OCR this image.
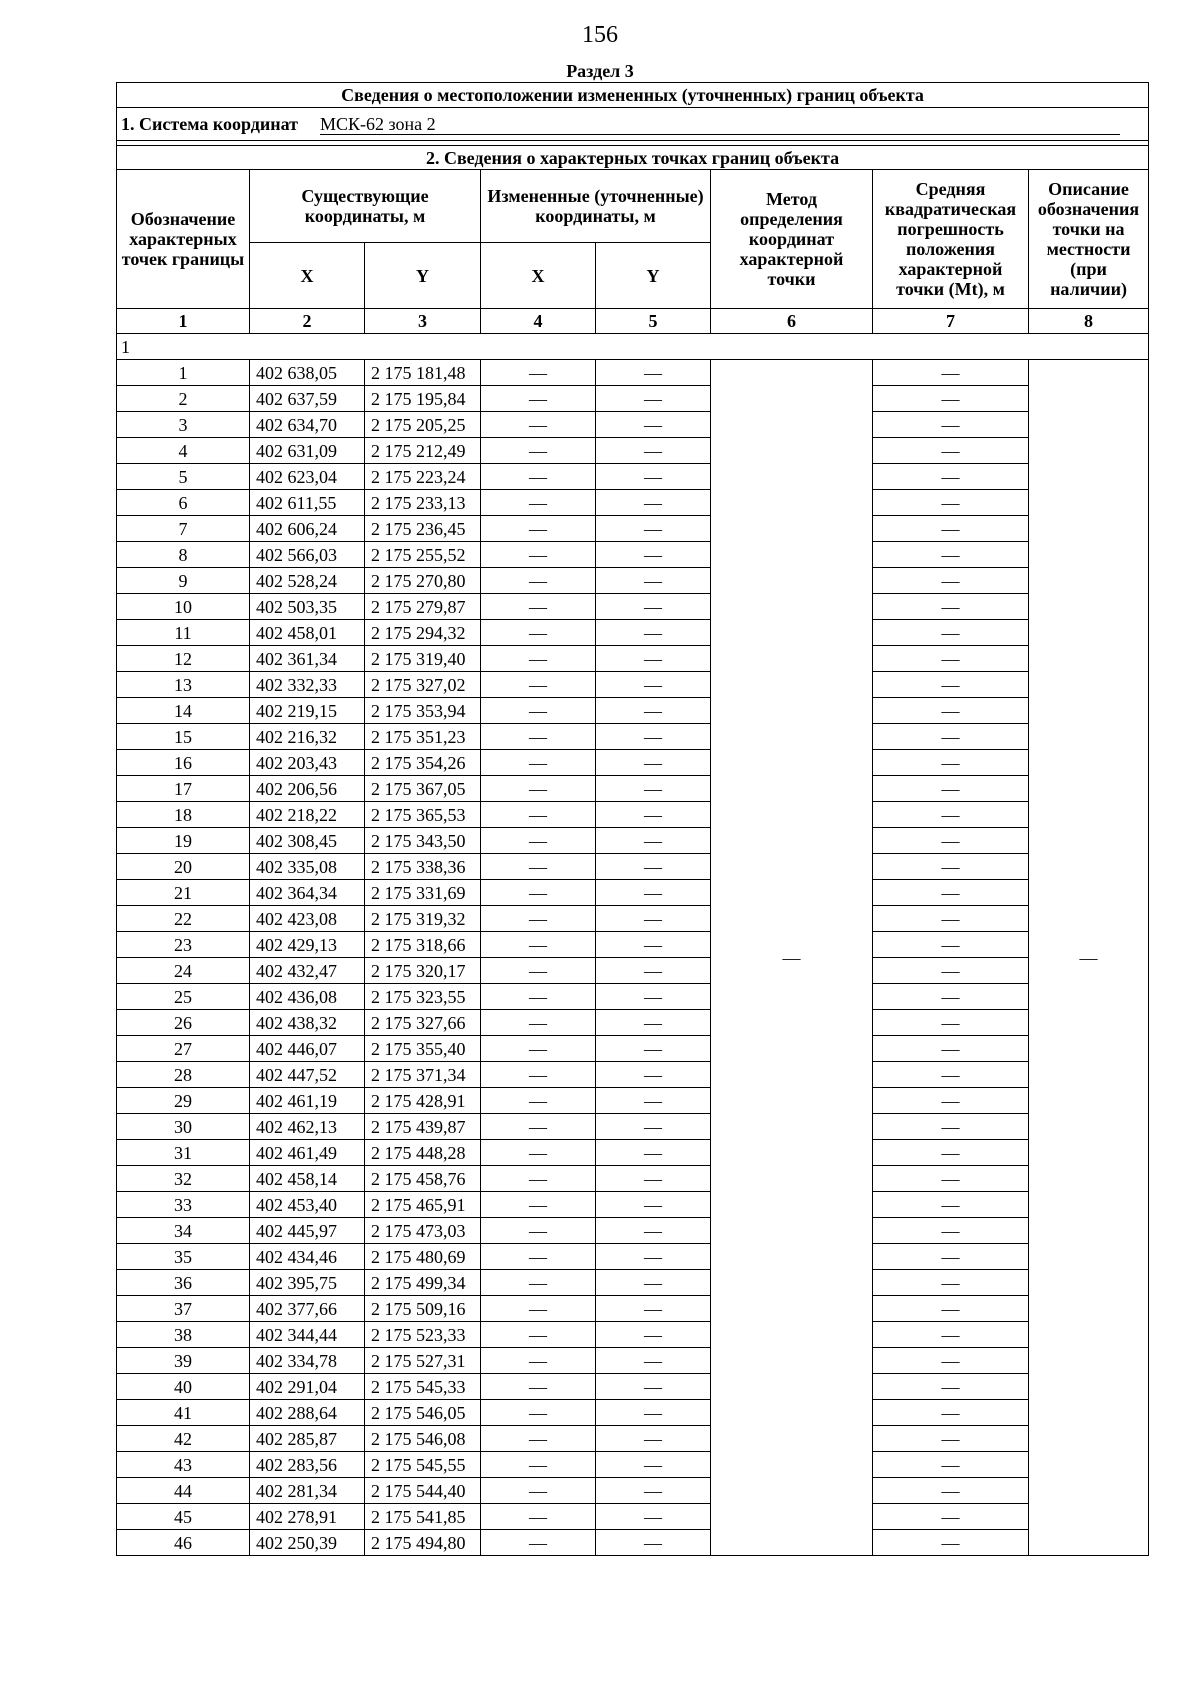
156
Раздел 3
Сведения о местоположении измененных (уточненных) границ объекта							
1. Система координат МСК-62 зона 2							

2. Сведения о характерных точках границ объекта							
Обозначение характерных точек границы	Существующие координаты, м		Измененные (уточненные) координаты, м		Метод определения координат характерной точки	Средняя квадратическая погрешность положения характерной точки (Mt), м	Описание обозначения точки на местности (при наличии)
	X	Y	X	Y			
1	2	3	4	5	6	7	8
1							
1	402 638,05	2 175 181,48	—	—	—	—	—
2	402 637,59	2 175 195,84	—	—		—	
3	402 634,70	2 175 205,25	—	—		—	
4	402 631,09	2 175 212,49	—	—		—	
5	402 623,04	2 175 223,24	—	—		—	
6	402 611,55	2 175 233,13	—	—		—	
7	402 606,24	2 175 236,45	—	—		—	
8	402 566,03	2 175 255,52	—	—		—	
9	402 528,24	2 175 270,80	—	—		—	
10	402 503,35	2 175 279,87	—	—		—	
11	402 458,01	2 175 294,32	—	—		—	
12	402 361,34	2 175 319,40	—	—		—	
13	402 332,33	2 175 327,02	—	—		—	
14	402 219,15	2 175 353,94	—	—		—	
15	402 216,32	2 175 351,23	—	—		—	
16	402 203,43	2 175 354,26	—	—		—	
17	402 206,56	2 175 367,05	—	—		—	
18	402 218,22	2 175 365,53	—	—		—	
19	402 308,45	2 175 343,50	—	—		—	
20	402 335,08	2 175 338,36	—	—		—	
21	402 364,34	2 175 331,69	—	—		—	
22	402 423,08	2 175 319,32	—	—		—	
23	402 429,13	2 175 318,66	—	—		—	
24	402 432,47	2 175 320,17	—	—		—	
25	402 436,08	2 175 323,55	—	—		—	
26	402 438,32	2 175 327,66	—	—		—	
27	402 446,07	2 175 355,40	—	—		—	
28	402 447,52	2 175 371,34	—	—		—	
29	402 461,19	2 175 428,91	—	—		—	
30	402 462,13	2 175 439,87	—	—		—	
31	402 461,49	2 175 448,28	—	—		—	
32	402 458,14	2 175 458,76	—	—		—	
33	402 453,40	2 175 465,91	—	—		—	
34	402 445,97	2 175 473,03	—	—		—	
35	402 434,46	2 175 480,69	—	—		—	
36	402 395,75	2 175 499,34	—	—		—	
37	402 377,66	2 175 509,16	—	—		—	
38	402 344,44	2 175 523,33	—	—		—	
39	402 334,78	2 175 527,31	—	—		—	
40	402 291,04	2 175 545,33	—	—		—	
41	402 288,64	2 175 546,05	—	—		—	
42	402 285,87	2 175 546,08	—	—		—	
43	402 283,56	2 175 545,55	—	—		—	
44	402 281,34	2 175 544,40	—	—		—	
45	402 278,91	2 175 541,85	—	—		—	
46	402 250,39	2 175 494,80	—	—		—	
